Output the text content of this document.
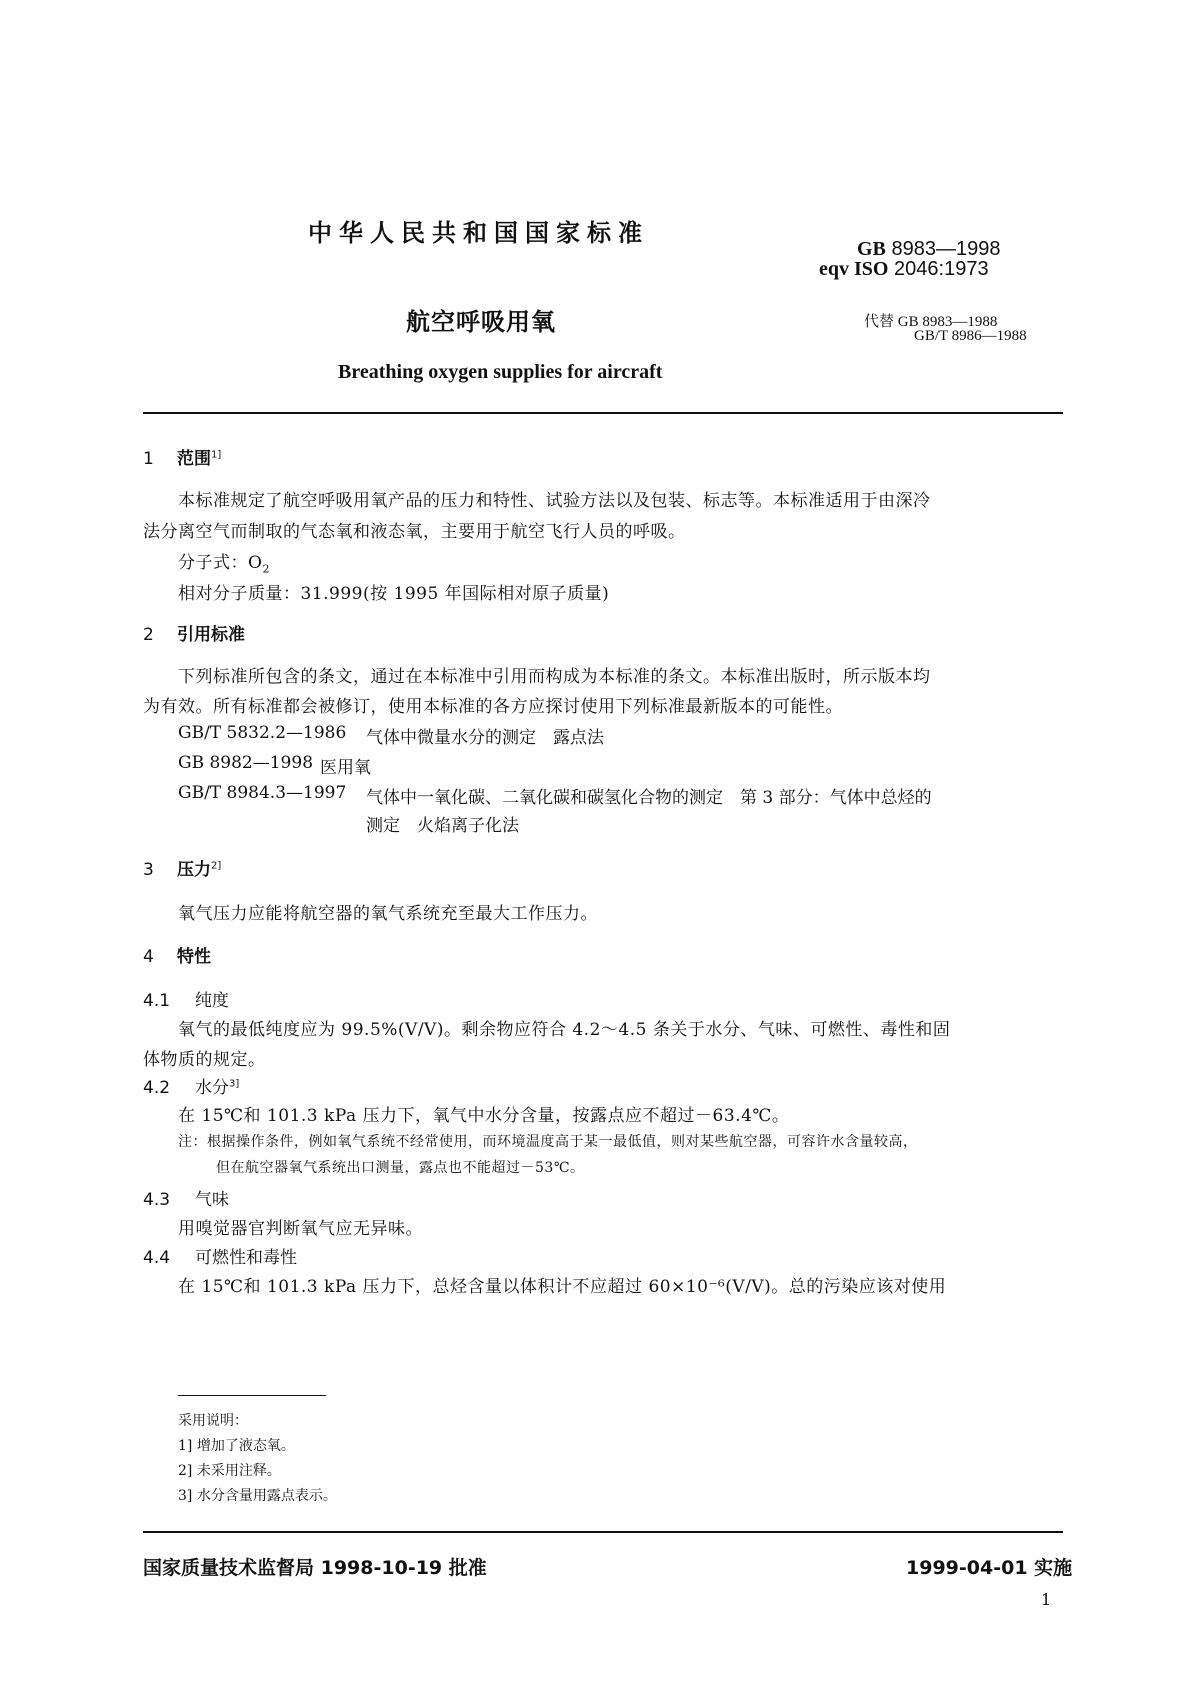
中华人民共和国国家标准
GB 8983—1998
eqv ISO 2046:1973
航空呼吸用氧	代替 GB 8983—1988
GB/T 8986—1988
Breathing oxygen supplies for aircraft
1 范围$^{1]}$
本标准规定了航空呼吸用氧产品的压力和特性、试验方法以及包装、标志等。本标准适用于由深冷
法分离空气而制取的气态氧和液态氧，主要用于航空飞行人员的呼吸。
分子式：$O_2$
相对分子质量：31.999(按 1995 年国际相对原子质量)
2 引用标准
下列标准所包含的条文，通过在本标准中引用而构成为本标准的条文。本标准出版时，所示版本均
为有效。所有标准都会被修订，使用本标准的各方应探讨使用下列标准最新版本的可能性。
GB/T 5832.2—1986 气体中微量水分的测定　露点法
GB 8982—1998 医用氧
GB/T 8984.3—1997 气体中一氧化碳、二氧化碳和碳氢化合物的测定　第 3 部分：气体中总烃的
测定　火焰离子化法
3 压力$^{2]}$
氧气压力应能将航空器的氧气系统充至最大工作压力。
4 特性
4.1 纯度
氧气的最低纯度应为 99.5%(V/V)。剩余物应符合 4.2～4.5 条关于水分、气味、可燃性、毒性和固
体物质的规定。
4.2 水分$^{3]}$
在 15℃和 101.3 kPa 压力下，氧气中水分含量，按露点应不超过－63.4℃。
注：根据操作条件，例如氧气系统不经常使用，而环境温度高于某一最低值，则对某些航空器，可容许水含量较高，
但在航空器氧气系统出口测量，露点也不能超过－53℃。
4.3 气味
用嗅觉器官判断氧气应无异味。
4.4 可燃性和毒性
在 15℃和 101.3 kPa 压力下，总烃含量以体积计不应超过 60×10⁻⁶(V/V)。总的污染应该对使用
采用说明：
1] 增加了液态氧。
2] 未采用注释。
3] 水分含量用露点表示。
国家质量技术监督局 1998-10-19 批准	1999-04-01 实施
1
